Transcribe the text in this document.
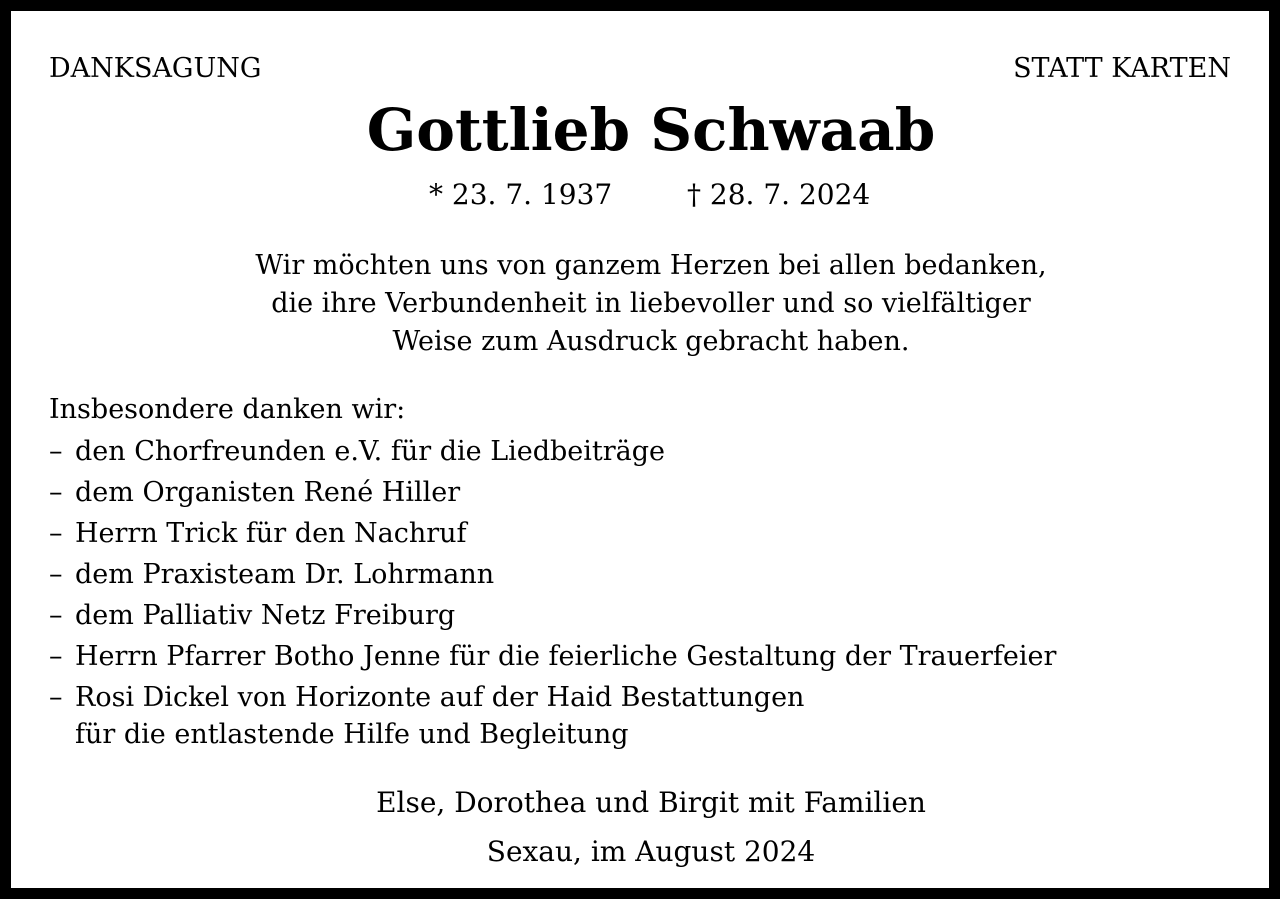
DANKSAGUNG	STATT KARTEN
Gottlieb Schwaab
* 23. 7. 1937	† 28. 7. 2024
Wir möchten uns von ganzem Herzen bei allen bedanken,
die ihre Verbundenheit in liebevoller und so vielfältiger
Weise zum Ausdruck gebracht haben.
Insbesondere danken wir:
– den Chorfreunden e.V. für die Liedbeiträge
– dem Organisten René Hiller
– Herrn Trick für den Nachruf
– dem Praxisteam Dr. Lohrmann
– dem Palliativ Netz Freiburg
– Herrn Pfarrer Botho Jenne für die feierliche Gestaltung der Trauerfeier
– Rosi Dickel von Horizonte auf der Haid Bestattungen
für die entlastende Hilfe und Begleitung
Else, Dorothea und Birgit mit Familien
Sexau, im August 2024
